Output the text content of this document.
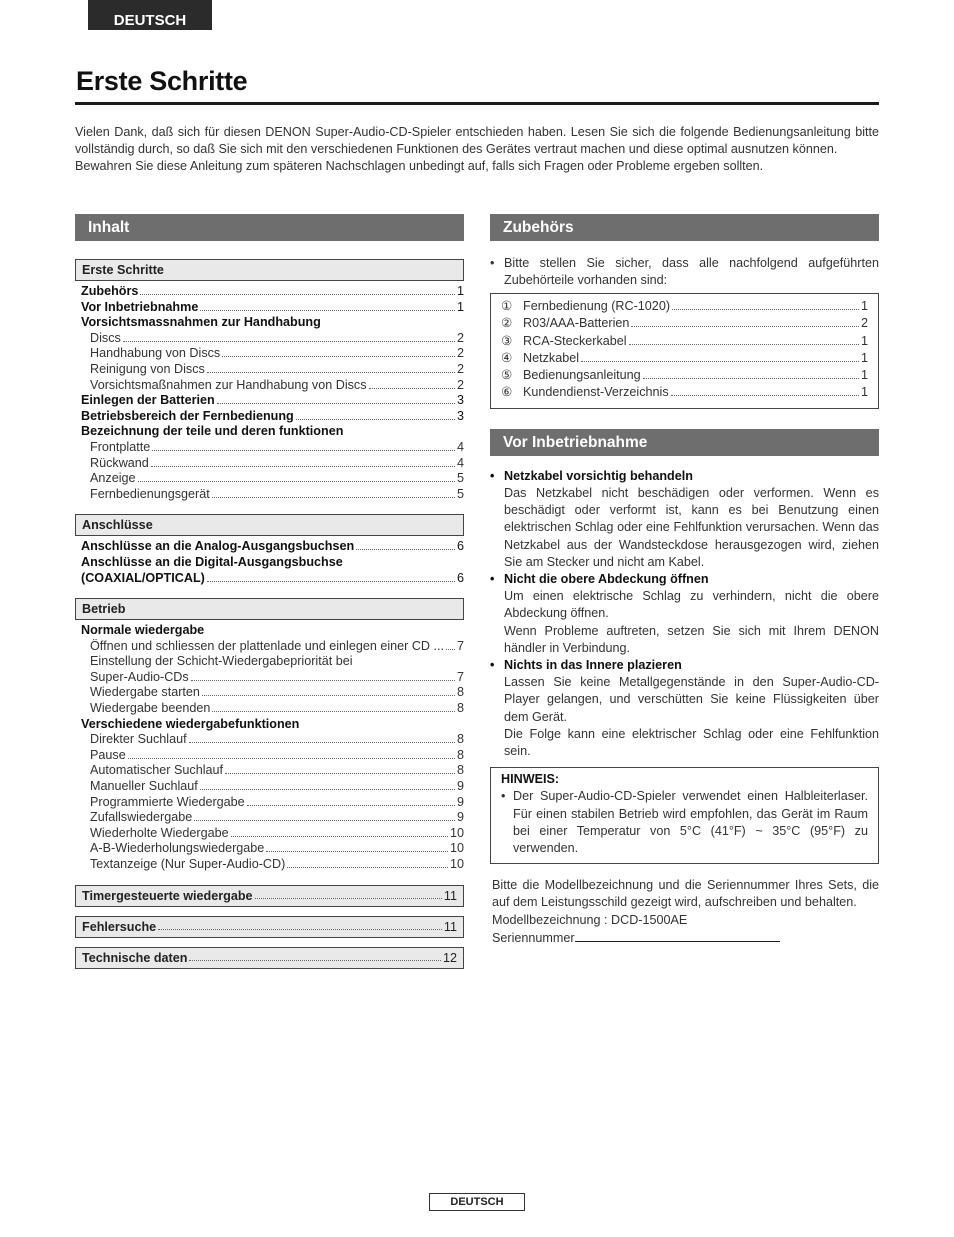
DEUTSCH
Erste Schritte

Vielen Dank, daß sich für diesen DENON Super-Audio-CD-Spieler entschieden haben. Lesen Sie sich die folgende Bedienungsanleitung bitte vollständig durch, so daß Sie sich mit den verschiedenen Funktionen des Gerätes vertraut machen und diese optimal ausnutzen können.

Bewahren Sie diese Anleitung zum späteren Nachschlagen unbedingt auf, falls sich Fragen oder Probleme ergeben sollten.

Inhalt
Erste Schritte
Zubehörs	1
Vor Inbetriebnahme	1
Vorsichtsmassnahmen zur Handhabung
Discs	2
Handhabung von Discs	2
Reinigung von Discs	2
Vorsichtsmaßnahmen zur Handhabung von Discs	2
Einlegen der Batterien	3
Betriebsbereich der Fernbedienung	3
Bezeichnung der teile und deren funktionen
Frontplatte	4
Rückwand	4
Anzeige	5
Fernbedienungsgerät	5
Anschlüsse
Anschlüsse an die Analog-Ausgangsbuchsen	6
Anschlüsse an die Digital-Ausgangsbuchse
(COAXIAL/OPTICAL)	6
Betrieb
Normale wiedergabe
Öffnen und schliessen der plattenlade und einlegen einer CD ... 7
Einstellung der Schicht-Wiedergabepriorität bei
Super-Audio-CDs	7
Wiedergabe starten	8
Wiedergabe beenden	8
Verschiedene wiedergabefunktionen
Direkter Suchlauf	8
Pause	8
Automatischer Suchlauf	8
Manueller Suchlauf	9
Programmierte Wiedergabe	9
Zufallswiedergabe	9
Wiederholte Wiedergabe	10
A-B-Wiederholungswiedergabe	10
Textanzeige (Nur Super-Audio-CD)	10
Timergesteuerte wiedergabe	11
Fehlersuche	11
Technische daten	12
Zubehörs
• Bitte stellen Sie sicher, dass alle nachfolgend aufgeführten Zubehörteile vorhanden sind:
① Fernbedienung (RC-1020)	1
② R03/AAA-Batterien	2
③ RCA-Steckerkabel	1
④ Netzkabel	1
⑤ Bedienungsanleitung	1
⑥ Kundendienst-Verzeichnis	1
Vor Inbetriebnahme
• Netzkabel vorsichtig behandeln

Das Netzkabel nicht beschädigen oder verformen. Wenn es beschädigt oder verformt ist, kann es bei Benutzung einen elektrischen Schlag oder eine Fehlfunktion verursachen. Wenn das Netzkabel aus der Wandsteckdose herausgezogen wird, ziehen Sie am Stecker und nicht am Kabel.

• Nicht die obere Abdeckung öffnen

Um einen elektrische Schlag zu verhindern, nicht die obere Abdeckung öffnen.

Wenn Probleme auftreten, setzen Sie sich mit Ihrem DENON händler in Verbindung.

• Nichts in das Innere plazieren

Lassen Sie keine Metallgegenstände in den Super-Audio-CD-Player gelangen, und verschütten Sie keine Flüssigkeiten über dem Gerät.

Die Folge kann eine elektrischer Schlag oder eine Fehlfunktion sein.

HINWEIS:
• Der Super-Audio-CD-Spieler verwendet einen Halbleiterlaser. Für einen stabilen Betrieb wird empfohlen, das Gerät im Raum bei einer Temperatur von 5°C (41°F) ~ 35°C (95°F) zu verwenden.

Bitte die Modellbezeichnung und die Seriennummer Ihres Sets, die auf dem Leistungsschild gezeigt wird, aufschreiben und behalten.

Modellbezeichnung : DCD-1500AE

Seriennummer

DEUTSCH
